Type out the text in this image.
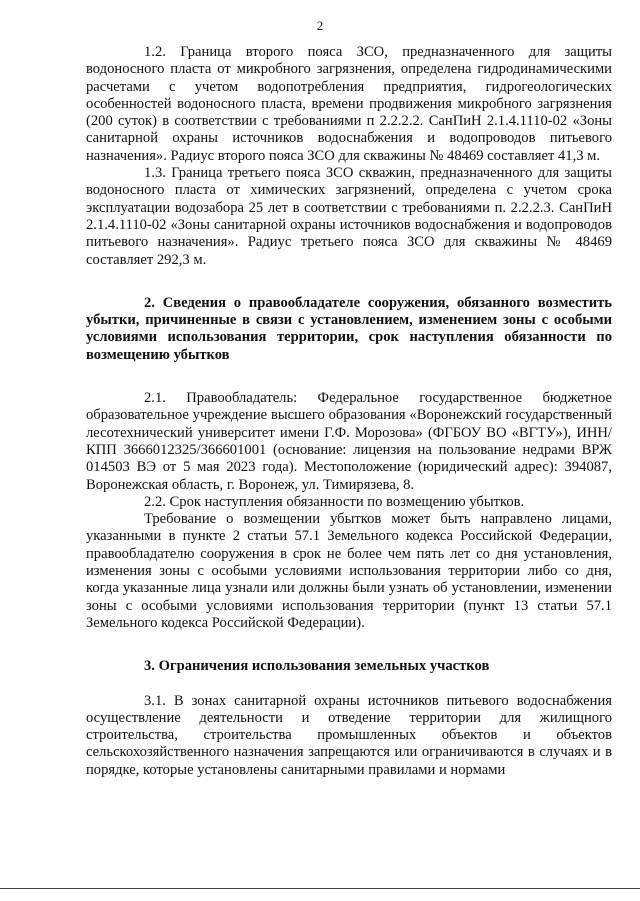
2

1.2. Граница второго пояса ЗСО, предназначенного для защиты водоносного пласта от микробного загрязнения, определена гидродинамическими расчетами с учетом водопотребления предприятия, гидрогеологических особенностей водоносного пласта, времени продвижения микробного загрязнения (200 суток) в соответствии с требованиями п 2.2.2.2. СанПиН 2.1.4.1110-02 «Зоны санитарной охраны источников водоснабжения и водопроводов питьевого назначения». Радиус второго пояса ЗСО для скважины № 48469 составляет 41,3 м.

1.3. Граница третьего пояса ЗСО скважин, предназначенного для защиты водоносного пласта от химических загрязнений, определена с учетом срока эксплуатации водозабора 25 лет в соответствии с требованиями п. 2.2.2.3. СанПиН 2.1.4.1110-02 «Зоны санитарной охраны источников водоснабжения и водопроводов питьевого назначения». Радиус третьего пояса ЗСО для скважины № 48469 составляет 292,3 м.

2. Сведения о правообладателе сооружения, обязанного возместить убытки, причиненные в связи с установлением, изменением зоны с особыми условиями использования территории, срок наступления обязанности по возмещению убытков

2.1. Правообладатель: Федеральное государственное бюджетное образовательное учреждение высшего образования «Воронежский государственный лесотехнический университет имени Г.Ф. Морозова» (ФГБОУ ВО «ВГТУ»), ИНН/КПП 3666012325/366601001 (основание: лицензия на пользование недрами ВРЖ 014503 ВЭ от 5 мая 2023 года). Местоположение (юридический адрес): 394087, Воронежская область, г. Воронеж, ул. Тимирязева, 8.

2.2. Срок наступления обязанности по возмещению убытков.

Требование о возмещении убытков может быть направлено лицами, указанными в пункте 2 статьи 57.1 Земельного кодекса Российской Федерации, правообладателю сооружения в срок не более чем пять лет со дня установления, изменения зоны с особыми условиями использования территории либо со дня, когда указанные лица узнали или должны были узнать об установлении, изменении зоны с особыми условиями использования территории (пункт 13 статьи 57.1 Земельного кодекса Российской Федерации).

3. Ограничения использования земельных участков

3.1. В зонах санитарной охраны источников питьевого водоснабжения осуществление деятельности и отведение территории для жилищного строительства, строительства промышленных объектов и объектов сельскохозяйственного назначения запрещаются или ограничиваются в случаях и в порядке, которые установлены санитарными правилами и нормами
